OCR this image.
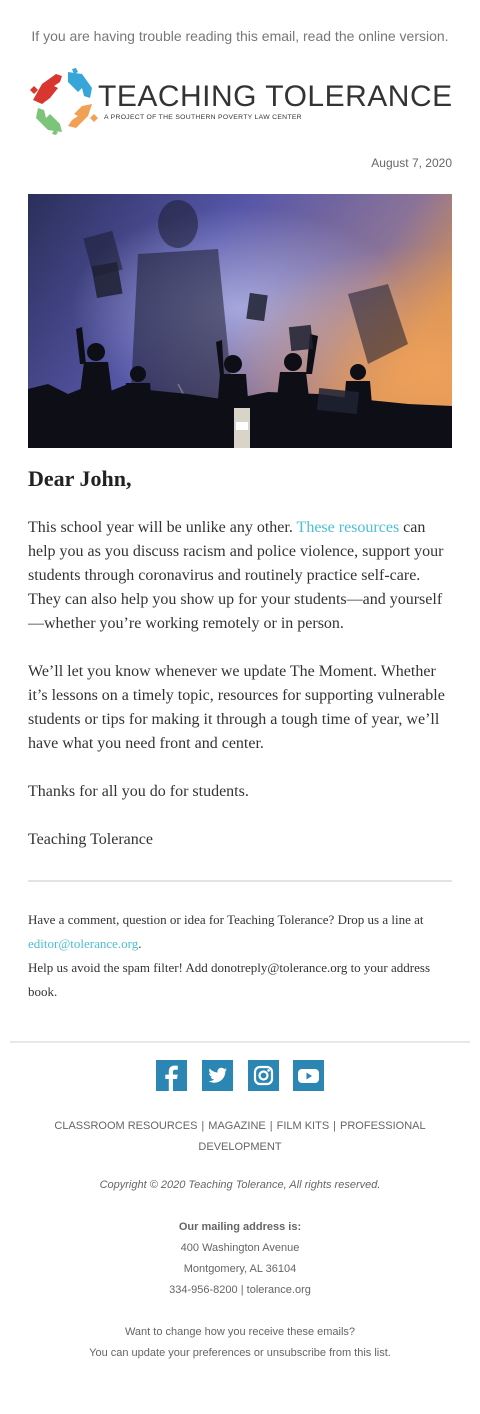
If you are having trouble reading this email, read the online version.
TEACHING TOLERANCE
A PROJECT OF THE SOUTHERN POVERTY LAW CENTER
August 7, 2020
Dear John,

This school year will be unlike any other. These resources can help you as you discuss racism and police violence, support your students through coronavirus and routinely practice self-care. They can also help you show up for your students—and yourself—whether you’re working remotely or in person.

We’ll let you know whenever we update The Moment. Whether it’s lessons on a timely topic, resources for supporting vulnerable students or tips for making it through a tough time of year, we’ll have what you need front and center.

Thanks for all you do for students.

Teaching Tolerance

Have a comment, question or idea for Teaching Tolerance? Drop us a line at editor@tolerance.org.
Help us avoid the spam filter! Add donotreply@tolerance.org to your address book.
CLASSROOM RESOURCES | MAGAZINE | FILM KITS | PROFESSIONAL DEVELOPMENT
Copyright © 2020 Teaching Tolerance, All rights reserved.
Our mailing address is:
400 Washington Avenue
Montgomery, AL 36104
334-956-8200 | tolerance.org
Want to change how you receive these emails?
You can update your preferences or unsubscribe from this list.
